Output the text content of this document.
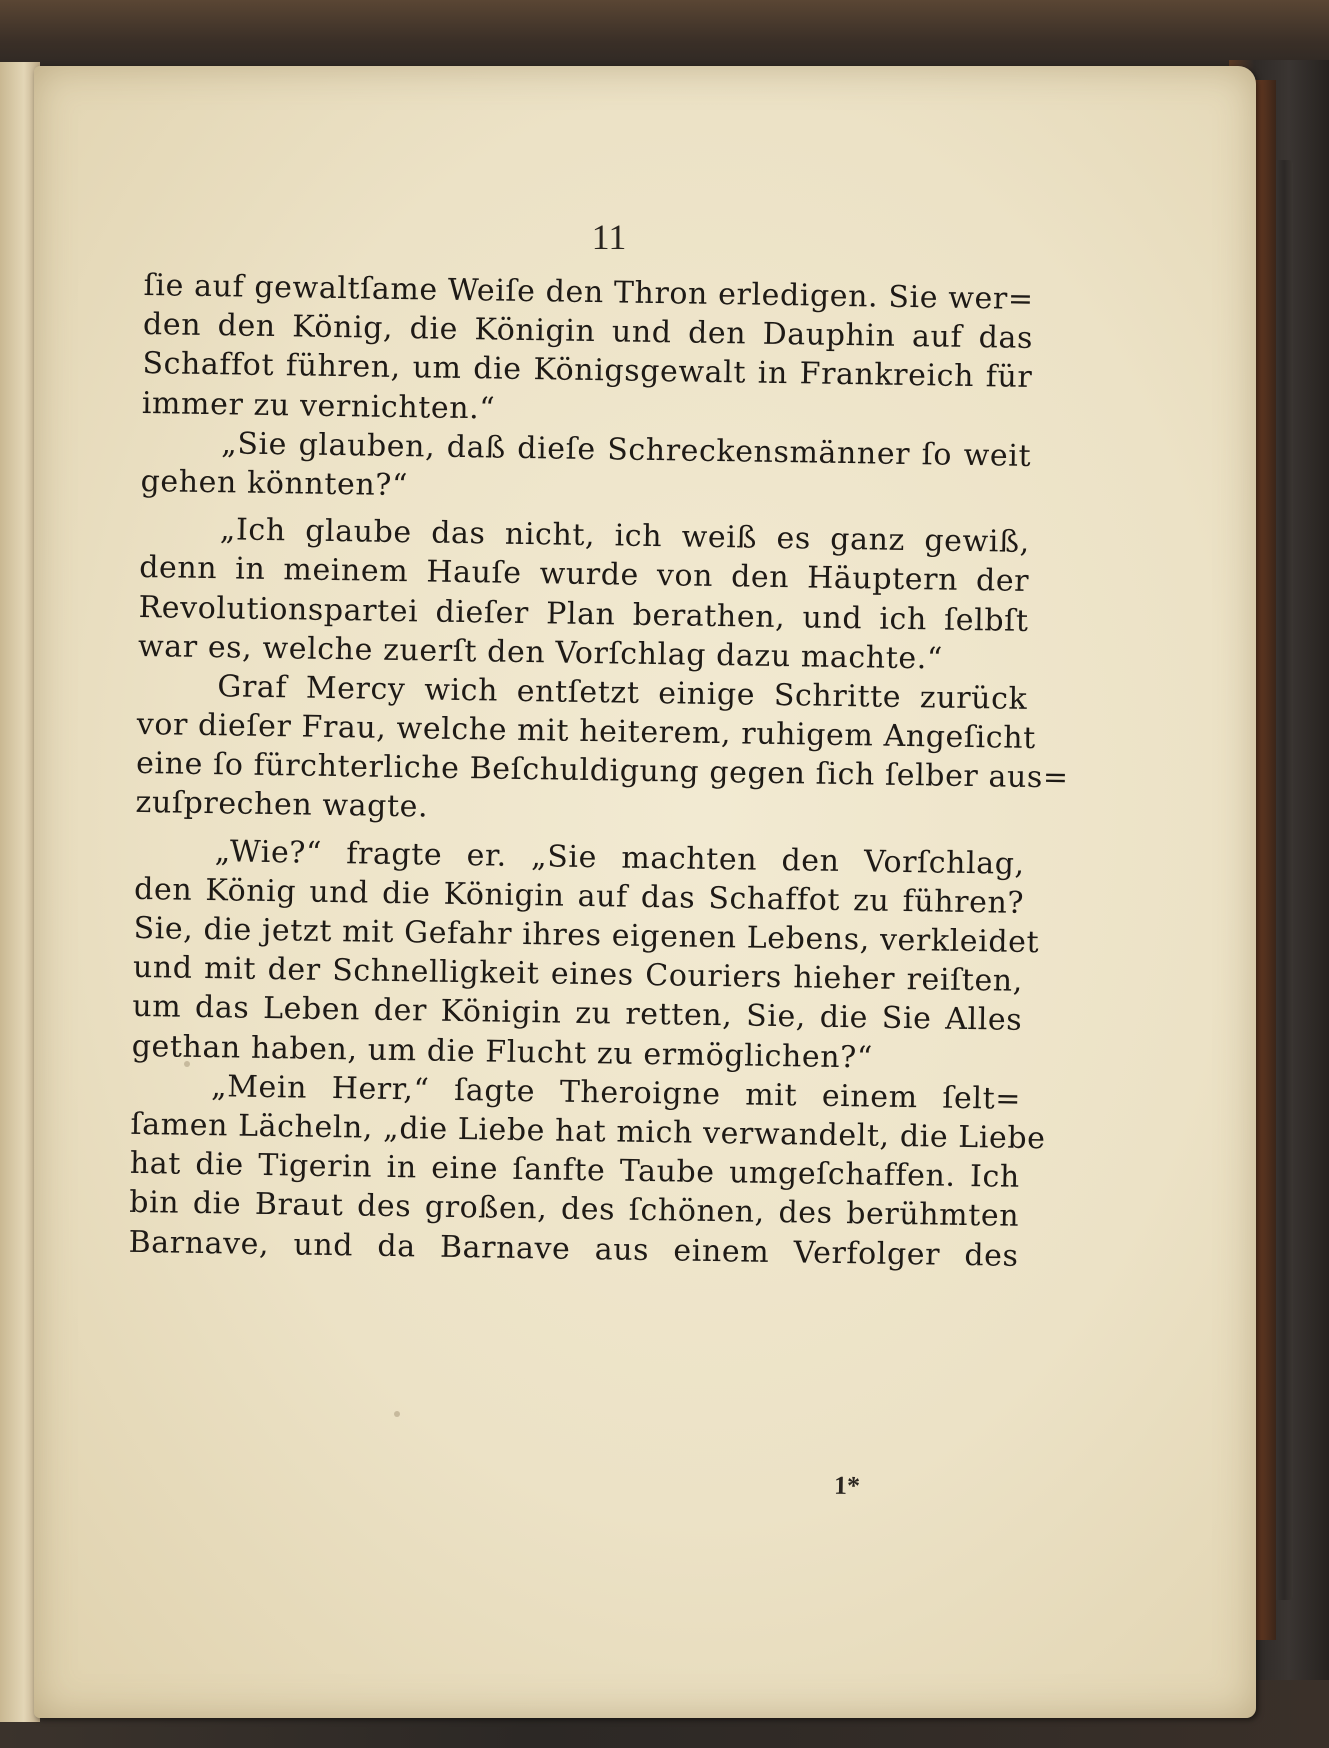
11
ſie auf gewaltſame Weiſe den Thron erledigen. Sie wer=
den den König, die Königin und den Dauphin auf das
Schaffot führen, um die Königsgewalt in Frankreich für
immer zu vernichten.“
„Sie glauben, daß dieſe Schreckensmänner ſo weit
gehen könnten?“
„Ich glaube das nicht, ich weiß es ganz gewiß,
denn in meinem Hauſe wurde von den Häuptern der
Revolutionspartei dieſer Plan berathen, und ich ſelbſt
war es, welche zuerſt den Vorſchlag dazu machte.“
Graf Mercy wich entſetzt einige Schritte zurück
vor dieſer Frau, welche mit heiterem, ruhigem Angeſicht
eine ſo fürchterliche Beſchuldigung gegen ſich ſelber aus=
zuſprechen wagte.
„Wie?“ fragte er. „Sie machten den Vorſchlag,
den König und die Königin auf das Schaffot zu führen?
Sie, die jetzt mit Gefahr ihres eigenen Lebens, verkleidet
und mit der Schnelligkeit eines Couriers hieher reiſten,
um das Leben der Königin zu retten, Sie, die Sie Alles
gethan haben, um die Flucht zu ermöglichen?“
„Mein Herr,“ ſagte Theroigne mit einem ſelt=
ſamen Lächeln, „die Liebe hat mich verwandelt, die Liebe
hat die Tigerin in eine ſanfte Taube umgeſchaffen. Ich
bin die Braut des großen, des ſchönen, des berühmten
Barnave, und da Barnave aus einem Verfolger des
1*
